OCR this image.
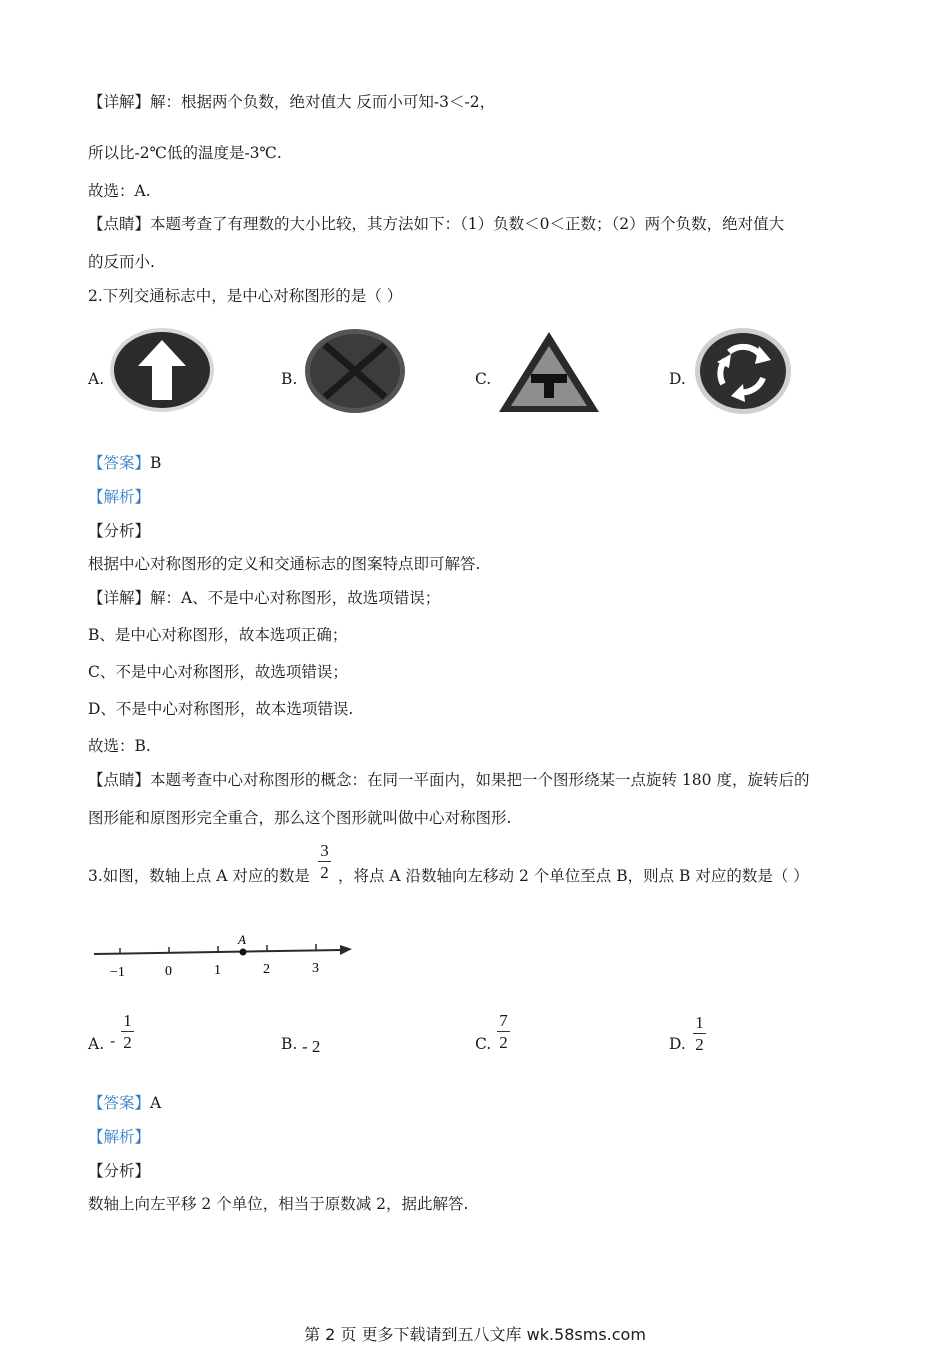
【详解】解：根据两个负数，绝对值大 反而小可知-3＜-2，
所以比-2℃低的温度是-3℃.
故选：A.
【点睛】本题考查了有理数的大小比较，其方法如下：（1）负数＜0＜正数；（2）两个负数，绝对值大
的反而小.
2.下列交通标志中，是中心对称图形的是（ ）
A.	B.	C.	D.
【答案】B
【解析】
【分析】
根据中心对称图形的定义和交通标志的图案特点即可解答.
【详解】解：A、不是中心对称图形，故选项错误；
B、是中心对称图形，故本选项正确；
C、不是中心对称图形，故选项错误；
D、不是中心对称图形，故本选项错误.
故选：B.
【点睛】本题考查中心对称图形的概念：在同一平面内，如果把一个图形绕某一点旋转 180 度，旋转后的
图形能和原图形完全重合，那么这个图形就叫做中心对称图形.
3.如图，数轴上点 A 对应的数是
3
2 ，将点 A 沿数轴向左移动 2 个单位至点 B，则点 B 对应的数是（ ）
A
−1	0	1	2	3
A. -
1
2	B. - 2	C.
7
2	D.
1
2
【答案】A
【解析】
【分析】
数轴上向左平移 2 个单位，相当于原数减 2，据此解答.
第 2 页 更多下载请到五八文库 wk.58sms.com
